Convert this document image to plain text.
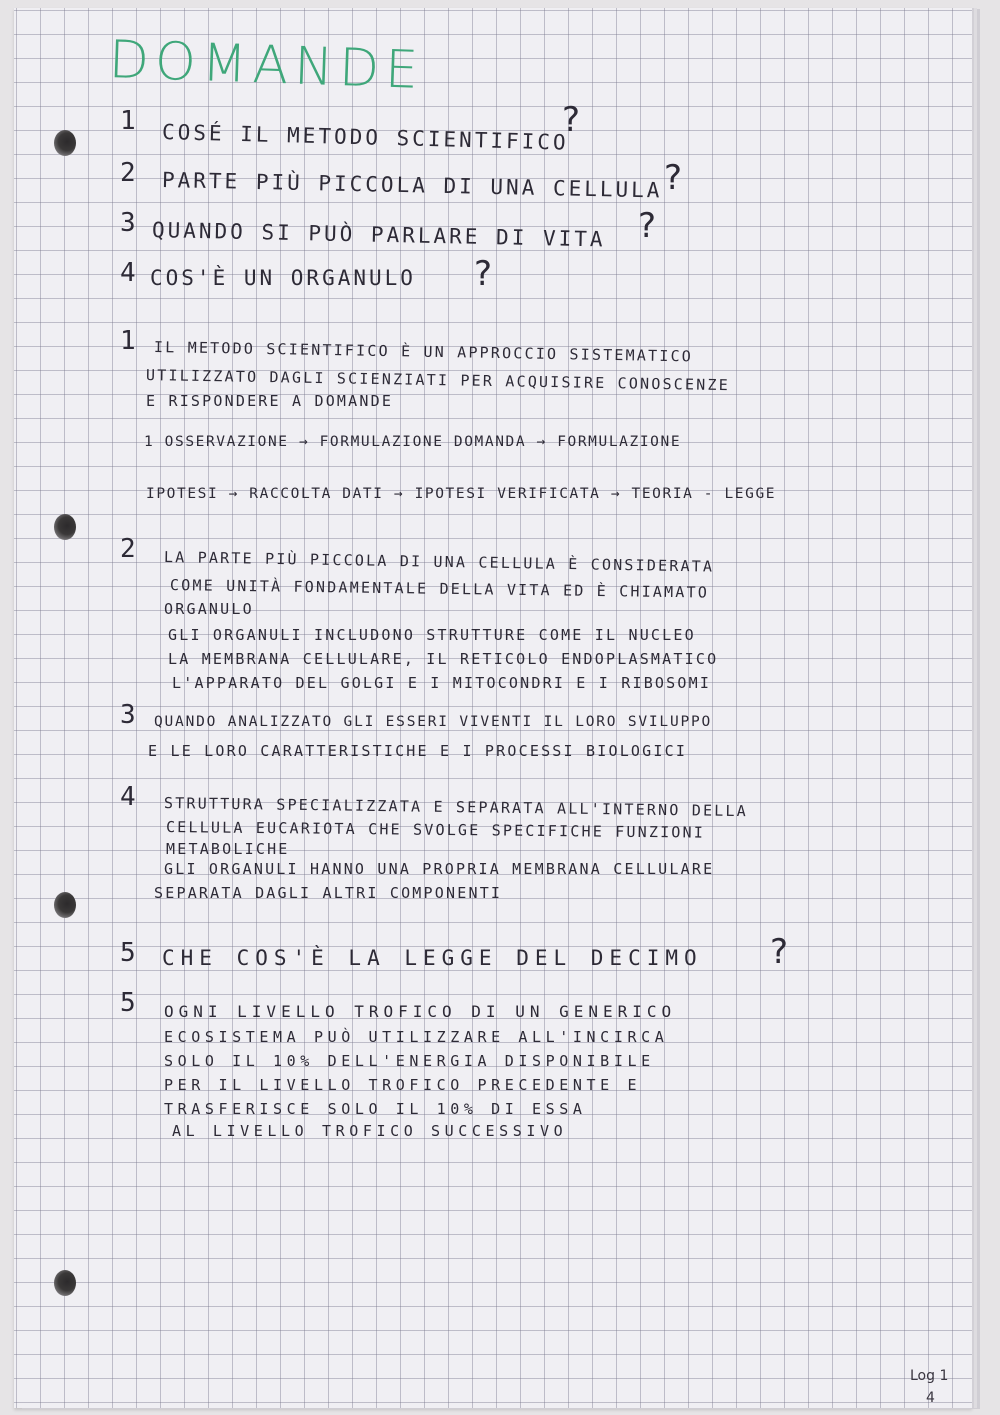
DOMANDE
1 COSÉ IL METODO SCIENTIFICO
?
2 PARTE PIÙ PICCOLA DI UNA CELLULA ?
3 QUANDO SI PUÒ PARLARE DI VITA ?
4 COS'È UN ORGANULO ?
1 IL METODO SCIENTIFICO È UN APPROCCIO SISTEMATICO
UTILIZZATO DAGLI SCIENZIATI PER ACQUISIRE CONOSCENZE
E RISPONDERE A DOMANDE
1 OSSERVAZIONE → FORMULAZIONE DOMANDA → FORMULAZIONE
IPOTESI → RACCOLTA DATI → IPOTESI VERIFICATA → TEORIA - LEGGE
2 LA PARTE PIÙ PICCOLA DI UNA CELLULA È CONSIDERATA
COME UNITÀ FONDAMENTALE DELLA VITA ED È CHIAMATO
ORGANULO
GLI ORGANULI INCLUDONO STRUTTURE COME IL NUCLEO
LA MEMBRANA CELLULARE, IL RETICOLO ENDOPLASMATICO
L'APPARATO DEL GOLGI E I MITOCONDRI E I RIBOSOMI
3 QUANDO ANALIZZATO GLI ESSERI VIVENTI IL LORO SVILUPPO
E LE LORO CARATTERISTICHE E I PROCESSI BIOLOGICI
4 STRUTTURA SPECIALIZZATA E SEPARATA ALL'INTERNO DELLA
CELLULA EUCARIOTA CHE SVOLGE SPECIFICHE FUNZIONI
METABOLICHE
GLI ORGANULI HANNO UNA PROPRIA MEMBRANA CELLULARE
SEPARATA DAGLI ALTRI COMPONENTI
5 CHE COS'È LA LEGGE DEL DECIMO ?
5 OGNI LIVELLO TROFICO DI UN GENERICO
ECOSISTEMA PUÒ UTILIZZARE ALL'INCIRCA
SOLO IL 10% DELL'ENERGIA DISPONIBILE
PER IL LIVELLO TROFICO PRECEDENTE E
TRASFERISCE SOLO IL 10% DI ESSA
AL LIVELLO TROFICO SUCCESSIVO
Log 1
4
